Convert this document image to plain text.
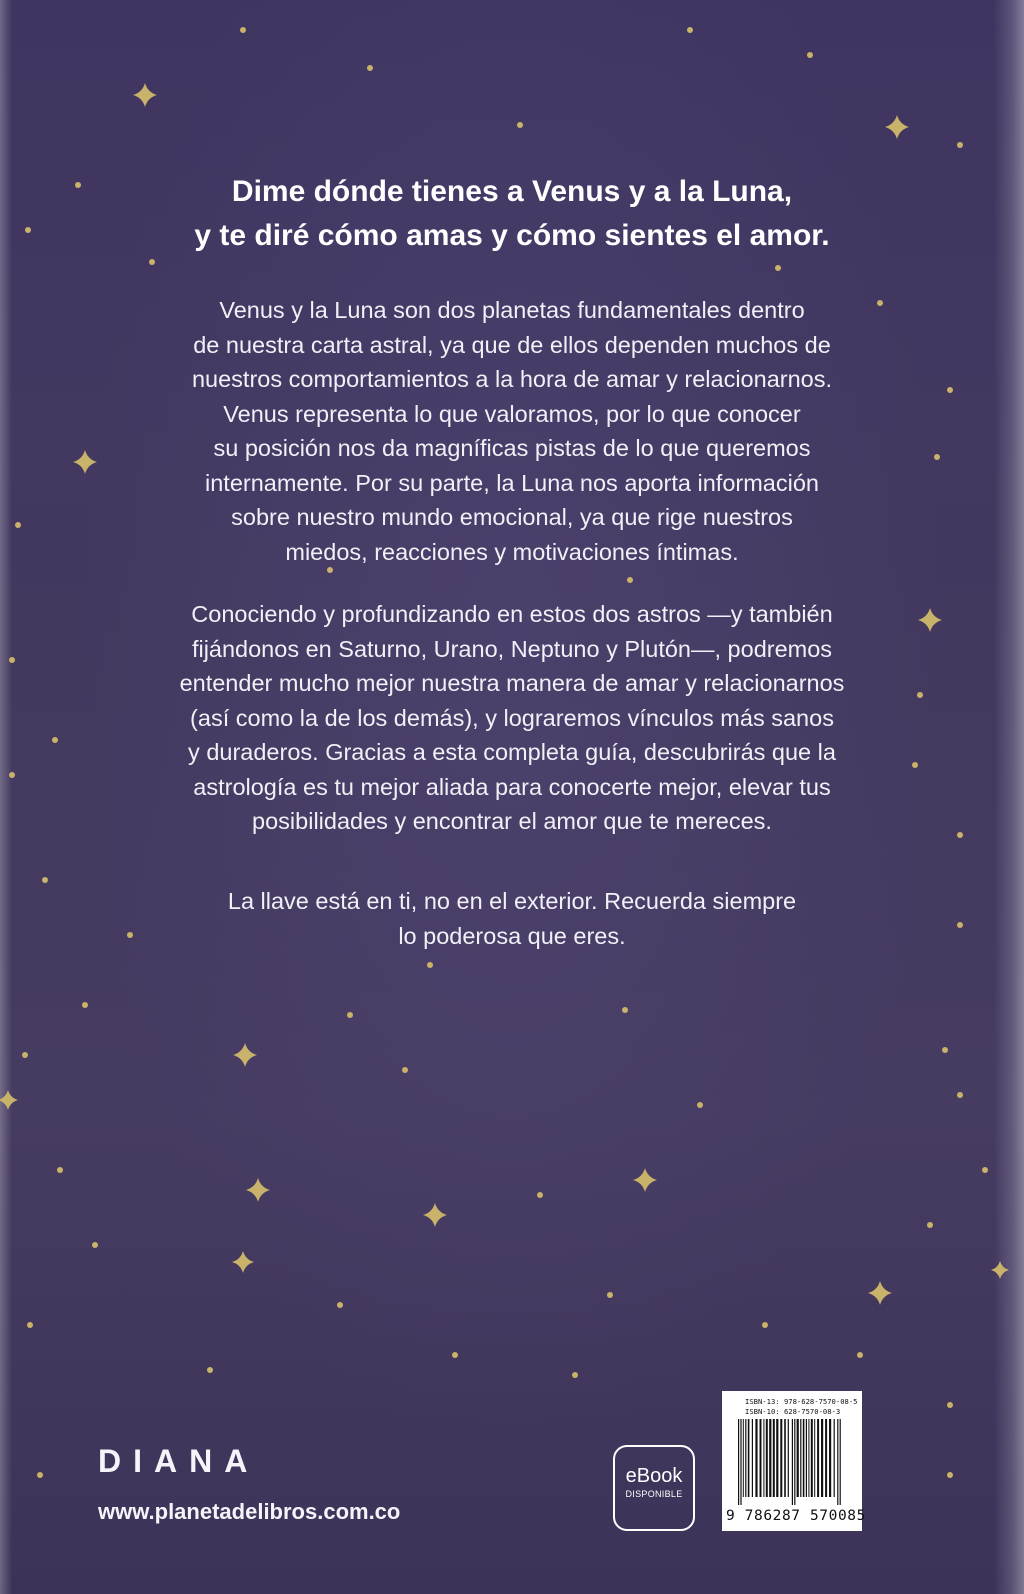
Dime dónde tienes a Venus y a la Luna,
y te diré cómo amas y cómo sientes el amor.
Venus y la Luna son dos planetas fundamentales dentro
de nuestra carta astral, ya que de ellos dependen muchos de
nuestros comportamientos a la hora de amar y relacionarnos.
Venus representa lo que valoramos, por lo que conocer
su posición nos da magníficas pistas de lo que queremos
internamente. Por su parte, la Luna nos aporta información
sobre nuestro mundo emocional, ya que rige nuestros
miedos, reacciones y motivaciones íntimas.
Conociendo y profundizando en estos dos astros —y también
fijándonos en Saturno, Urano, Neptuno y Plutón—, podremos
entender mucho mejor nuestra manera de amar y relacionarnos
(así como la de los demás), y lograremos vínculos más sanos
y duraderos. Gracias a esta completa guía, descubrirás que la
astrología es tu mejor aliada para conocerte mejor, elevar tus
posibilidades y encontrar el amor que te mereces.
La llave está en ti, no en el exterior. Recuerda siempre
lo poderosa que eres.
DIANA
www.planetadelibros.com.co
eBook
DISPONIBLE
ISBN-13: 978-628-7570-08-5
ISBN-10: 628-7570-08-3
9 786287 570085
